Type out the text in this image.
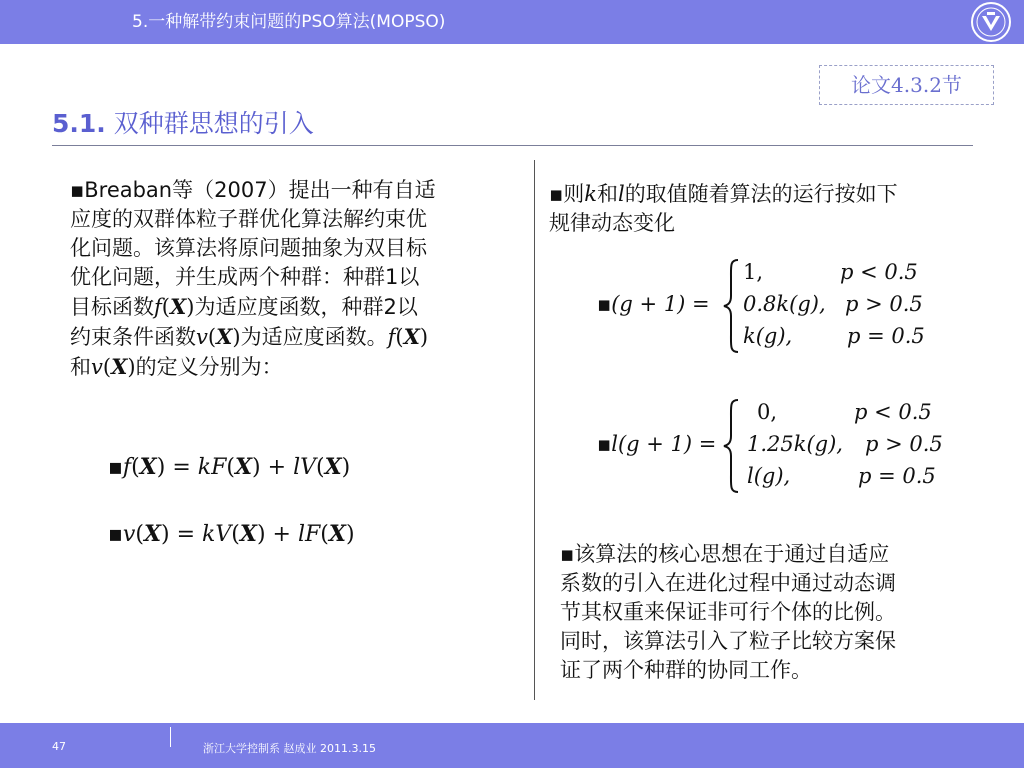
5.一种解带约束问题的PSO算法(MOPSO)
论文4.3.2节
5.1. 双种群思想的引入
▪ Breaban等（2007）提出一种有自适
应度的双群体粒子群优化算法解约束优
化问题。该算法将原问题抽象为双目标
优化问题，并生成两个种群：种群1以
目标函数f(X)为适应度函数，种群2以
约束条件函数v(X)为适应度函数。f(X)
和v(X)的定义分别为：
▪ f(X) = kF(X) + lV(X)
▪ v(X) = kV(X) + lF(X)
▪ 则k和l的取值随着算法的运行按如下
规律动态变化
▪ (g + 1) =
1,	p < 0.5
0.8k(g), p > 0.5
k(g),	p = 0.5
▪ l(g + 1) =
0,	p < 0.5
1.25k(g), p > 0.5
l(g),	p = 0.5
▪ 该算法的核心思想在于通过自适应
系数的引入在进化过程中通过动态调
节其权重来保证非可行个体的比例。
同时，该算法引入了粒子比较方案保
证了两个种群的协同工作。
47	浙江大学控制系 赵成业 2011.3.15
